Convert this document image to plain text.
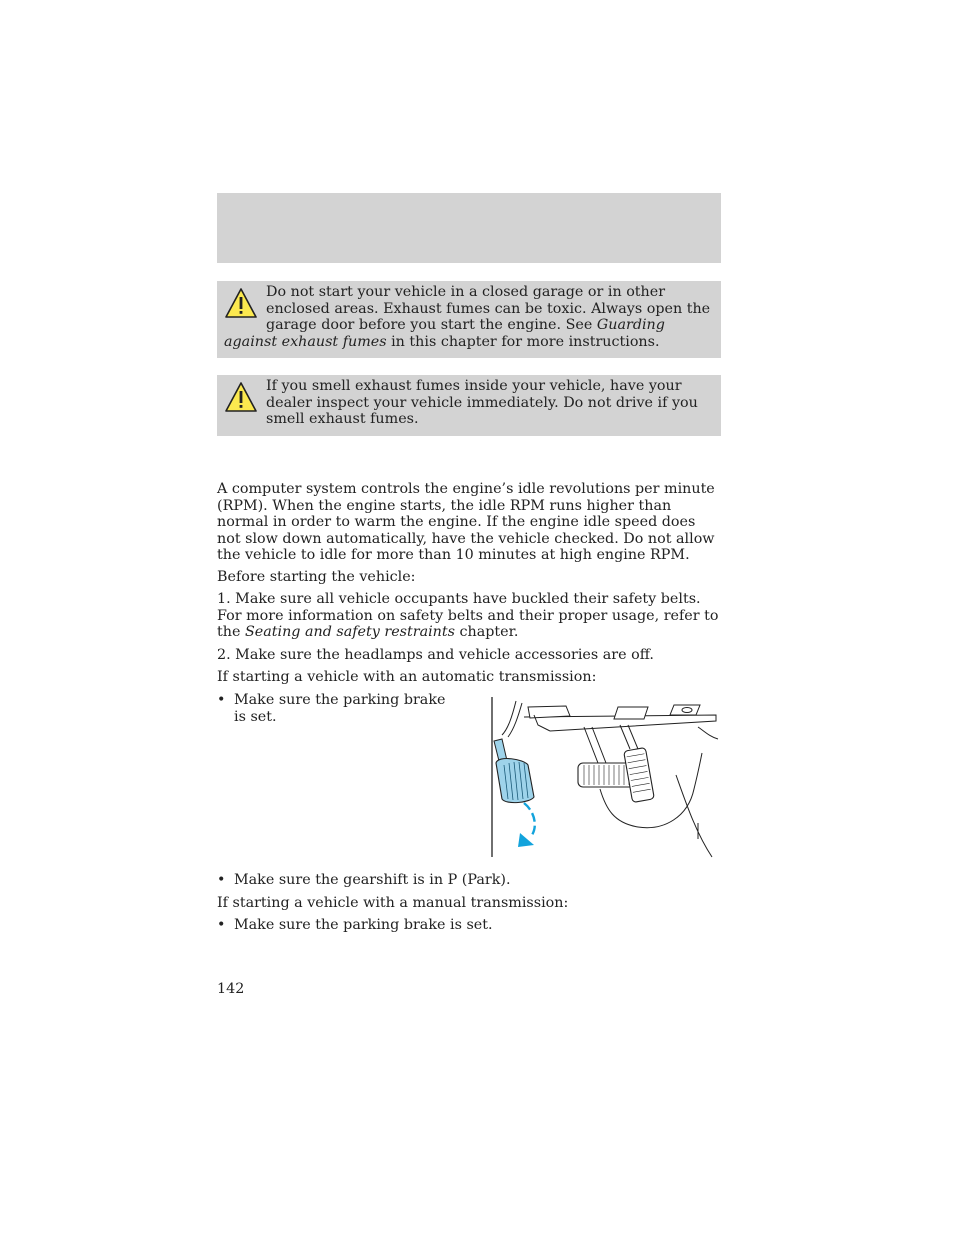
Do not start your vehicle in a closed garage or in other enclosed areas. Exhaust fumes can be toxic. Always open the garage door before you start the engine. See Guarding against exhaust fumes in this chapter for more instructions.
If you smell exhaust fumes inside your vehicle, have your dealer inspect your vehicle immediately. Do not drive if you smell exhaust fumes.

A computer system controls the engine’s idle revolutions per minute (RPM). When the engine starts, the idle RPM runs higher than normal in order to warm the engine. If the engine idle speed does not slow down automatically, have the vehicle checked. Do not allow the vehicle to idle for more than 10 minutes at high engine RPM.

Before starting the vehicle:

1. Make sure all vehicle occupants have buckled their safety belts. For more information on safety belts and their proper usage, refer to the Seating and safety restraints chapter.

2. Make sure the headlamps and vehicle accessories are off.

If starting a vehicle with an automatic transmission:

• Make sure the parking brake is set.
• Make sure the gearshift is in P (Park).

If starting a vehicle with a manual transmission:

• Make sure the parking brake is set.
142
